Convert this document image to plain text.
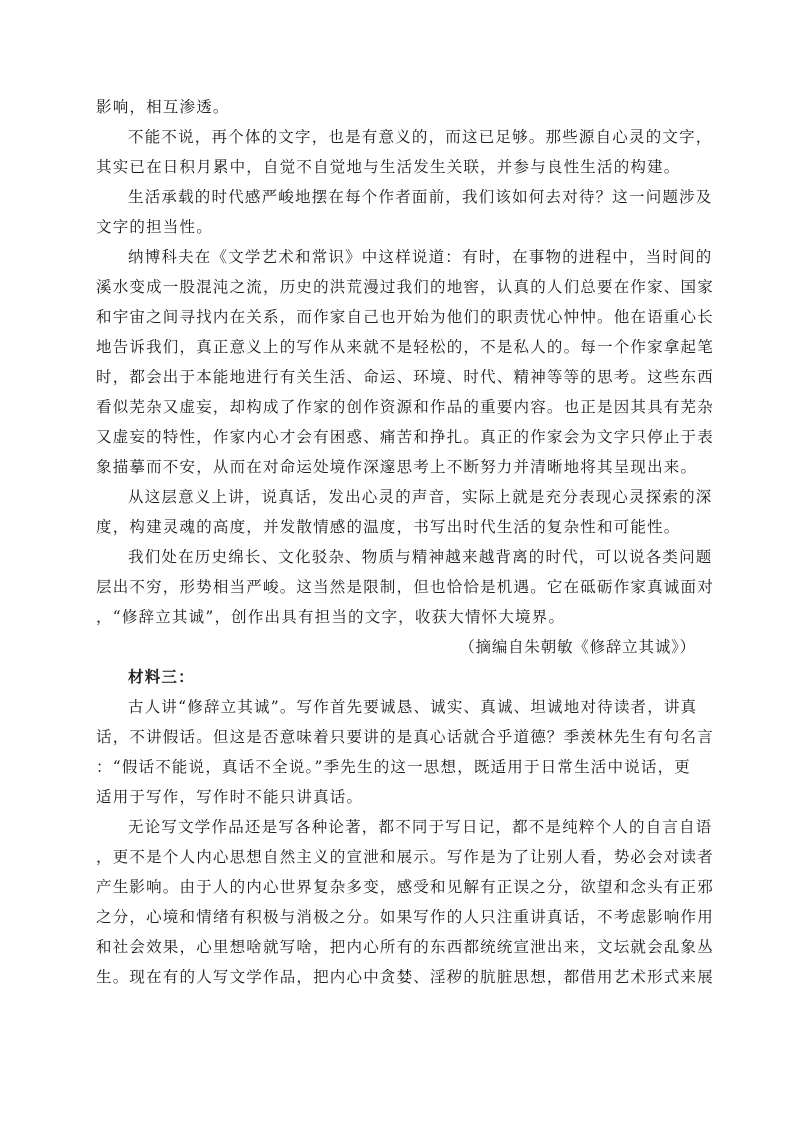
影响，相互渗透。
不能不说，再个体的文字，也是有意义的，而这已足够。那些源自心灵的文字，
其实已在日积月累中，自觉不自觉地与生活发生关联，并参与良性生活的构建。
生活承载的时代感严峻地摆在每个作者面前，我们该如何去对待？这一问题涉及
文字的担当性。
纳博科夫在《文学艺术和常识》中这样说道：有时，在事物的进程中，当时间的
溪水变成一股混沌之流，历史的洪荒漫过我们的地窖，认真的人们总要在作家、国家
和宇宙之间寻找内在关系，而作家自己也开始为他们的职责忧心忡忡。他在语重心长
地告诉我们，真正意义上的写作从来就不是轻松的，不是私人的。每一个作家拿起笔
时，都会出于本能地进行有关生活、命运、环境、时代、精神等等的思考。这些东西
看似芜杂又虚妄，却构成了作家的创作资源和作品的重要内容。也正是因其具有芜杂
又虚妄的特性，作家内心才会有困惑、痛苦和挣扎。真正的作家会为文字只停止于表
象描摹而不安，从而在对命运处境作深邃思考上不断努力并清晰地将其呈现出来。
从这层意义上讲，说真话，发出心灵的声音，实际上就是充分表现心灵探索的深
度，构建灵魂的高度，并发散情感的温度，书写出时代生活的复杂性和可能性。
我们处在历史绵长、文化驳杂、物质与精神越来越背离的时代，可以说各类问题
层出不穷，形势相当严峻。这当然是限制，但也恰恰是机遇。它在砥砺作家真诚面对
，“修辞立其诚”，创作出具有担当的文字，收获大情怀大境界。
（摘编自朱朝敏《修辞立其诚》）
材料三：
古人讲“修辞立其诚”。写作首先要诚恳、诚实、真诚、坦诚地对待读者，讲真
话，不讲假话。但这是否意味着只要讲的是真心话就合乎道德？季羡林先生有句名言
：“假话不能说，真话不全说。”季先生的这一思想，既适用于日常生活中说话，更
适用于写作，写作时不能只讲真话。
无论写文学作品还是写各种论著，都不同于写日记，都不是纯粹个人的自言自语
，更不是个人内心思想自然主义的宣泄和展示。写作是为了让别人看，势必会对读者
产生影响。由于人的内心世界复杂多变，感受和见解有正误之分，欲望和念头有正邪
之分，心境和情绪有积极与消极之分。如果写作的人只注重讲真话，不考虑影响作用
和社会效果，心里想啥就写啥，把内心所有的东西都统统宣泄出来，文坛就会乱象丛
生。现在有的人写文学作品，把内心中贪婪、淫秽的肮脏思想，都借用艺术形式来展
